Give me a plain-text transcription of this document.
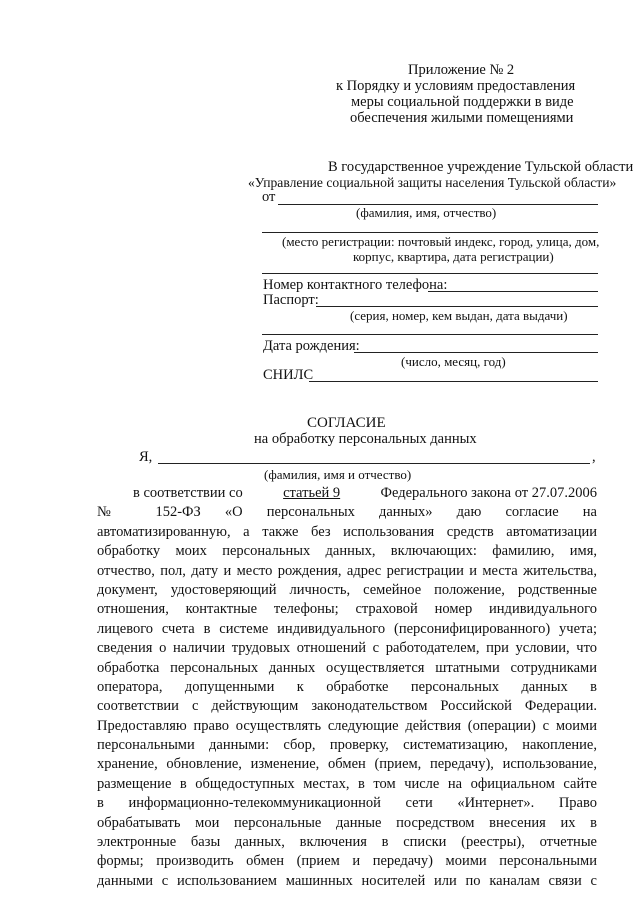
Приложение № 2
к Порядку и условиям предоставления
меры социальной поддержки в виде
обеспечения жилыми помещениями
В государственное учреждение Тульской области
«Управление социальной защиты населения Тульской области»
от
(фамилия, имя, отчество)
(место регистрации: почтовый индекс, город, улица, дом,
корпус, квартира, дата регистрации)
Номер контактного телефона:
Паспорт:
(серия, номер, кем выдан, дата выдачи)
Дата рождения:
(число, месяц, год)
СНИЛС
СОГЛАСИЕ
на обработку персональных данных
Я,	,
(фамилия, имя и отчество)
в соответствии со	статьей 9	Федерального закона от 27.07.2006
№ 152-ФЗ «О персональных данных» даю согласие на
автоматизированную, а также без использования средств автоматизации
обработку моих персональных данных, включающих: фамилию, имя,
отчество, пол, дату и место рождения, адрес регистрации и места жительства,
документ, удостоверяющий личность, семейное положение, родственные
отношения, контактные телефоны; страховой номер индивидуального
лицевого счета в системе индивидуального (персонифицированного) учета;
сведения о наличии трудовых отношений с работодателем, при условии, что
обработка персональных данных осуществляется штатными сотрудниками
оператора, допущенными к обработке персональных данных в
соответствии с действующим законодательством Российской Федерации.
Предоставляю право осуществлять следующие действия (операции) с моими
персональными данными: сбор, проверку, систематизацию, накопление,
хранение, обновление, изменение, обмен (прием, передачу), использование,
размещение в общедоступных местах, в том числе на официальном сайте
в информационно-телекоммуникационной сети «Интернет». Право
обрабатывать мои персональные данные посредством внесения их в
электронные базы данных, включения в списки (реестры), отчетные
формы; производить обмен (прием и передачу) моими персональными
данными с использованием машинных носителей или по каналам связи с
